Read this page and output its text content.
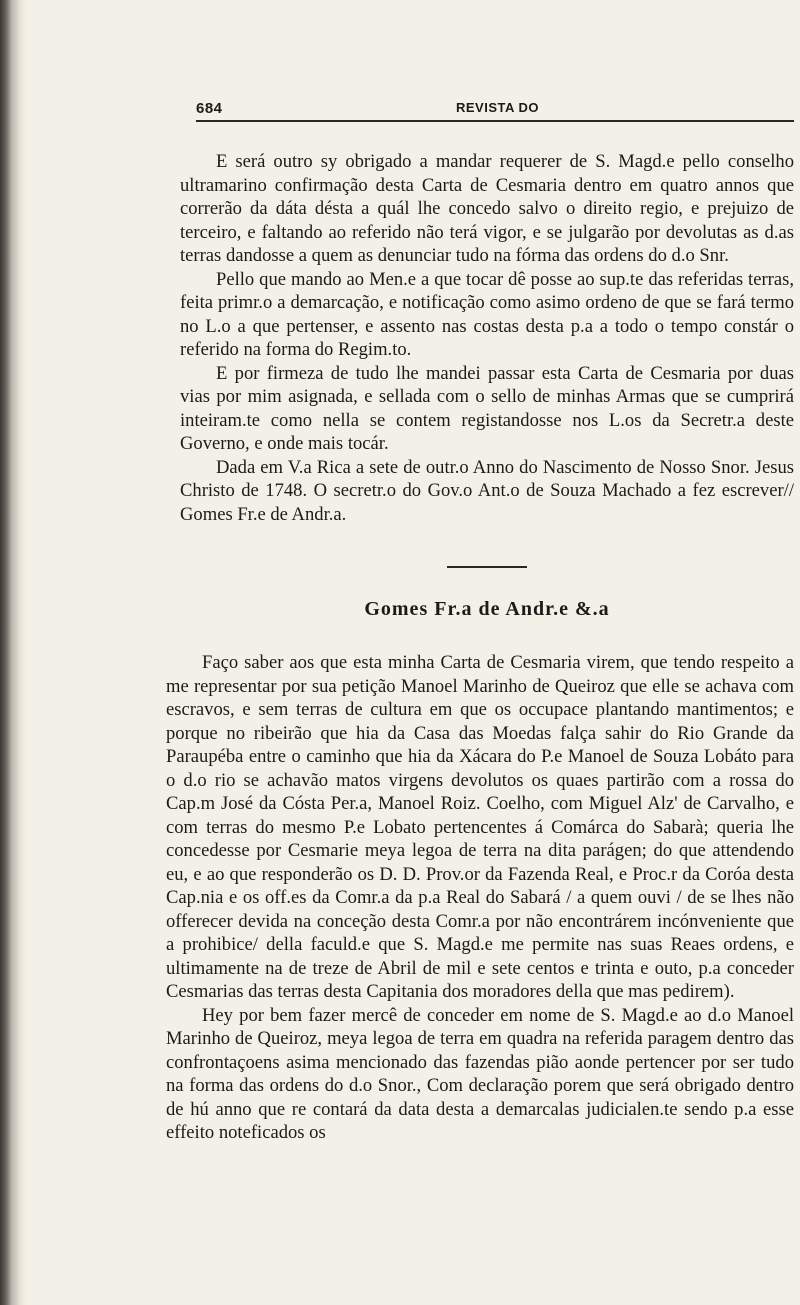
684	REVISTA DO

E será outro sy obrigado a mandar requerer de S. Magd.e pello conselho ultramarino confirmação desta Carta de Cesmaria dentro em quatro annos que correrão da dáta désta a quál lhe concedo salvo o direito regio, e prejuizo de terceiro, e faltando ao referido não terá vigor, e se julgarão por devolutas as d.as terras dandosse a quem as denunciar tudo na fórma das ordens do d.o Snr.

Pello que mando ao Men.e a que tocar dê posse ao sup.te das referidas terras, feita primr.o a demarcação, e notificação como asimo ordeno de que se fará termo no L.o a que pertenser, e assento nas costas desta p.a a todo o tempo constár o referido na forma do Regim.to.

E por firmeza de tudo lhe mandei passar esta Carta de Cesmaria por duas vias por mim asignada, e sellada com o sello de minhas Armas que se cumprirá inteiram.te como nella se contem registandosse nos L.os da Secretr.a deste Governo, e onde mais tocár.

Dada em V.a Rica a sete de outr.o Anno do Nascimento de Nosso Snor. Jesus Christo de 1748. O secretr.o do Gov.o Ant.o de Souza Machado a fez escrever// Gomes Fr.e de Andr.a.

Gomes Fr.a de Andr.e &.a

Faço saber aos que esta minha Carta de Cesmaria virem, que tendo respeito a me representar por sua petição Manoel Marinho de Queiroz que elle se achava com escravos, e sem terras de cultura em que os occupace plantando mantimentos; e porque no ribeirão que hia da Casa das Moedas falça sahir do Rio Grande da Paraupéba entre o caminho que hia da Xácara do P.e Manoel de Souza Lobáto para o d.o rio se achavão matos virgens devolutos os quaes partirão com a rossa do Cap.m José da Cósta Per.a, Manoel Roiz. Coelho, com Miguel Alz' de Carvalho, e com terras do mesmo P.e Lobato pertencentes á Comárca do Sabarà; queria lhe concedesse por Cesmarie meya legoa de terra na dita parágen; do que attendendo eu, e ao que responderão os D. D. Prov.or da Fazenda Real, e Proc.r da Coróa desta Cap.nia e os off.es da Comr.a da p.a Real do Sabará / a quem ouvi / de se lhes não offerecer devida na conceção desta Comr.a por não encontrárem incónveniente que a prohibice/ della faculd.e que S. Magd.e me permite nas suas Reaes ordens, e ultimamente na de treze de Abril de mil e sete centos e trinta e outo, p.a conceder Cesmarias das terras desta Capitania dos moradores della que mas pedirem).

Hey por bem fazer mercê de conceder em nome de S. Magd.e ao d.o Manoel Marinho de Queiroz, meya legoa de terra em quadra na referida paragem dentro das confrontaçoens asima mencionado das fazendas pião aonde pertencer por ser tudo na forma das ordens do d.o Snor., Com declaração porem que será obrigado dentro de hú anno que re contará da data desta a demarcalas judicialen.te sendo p.a esse effeito noteficados os
